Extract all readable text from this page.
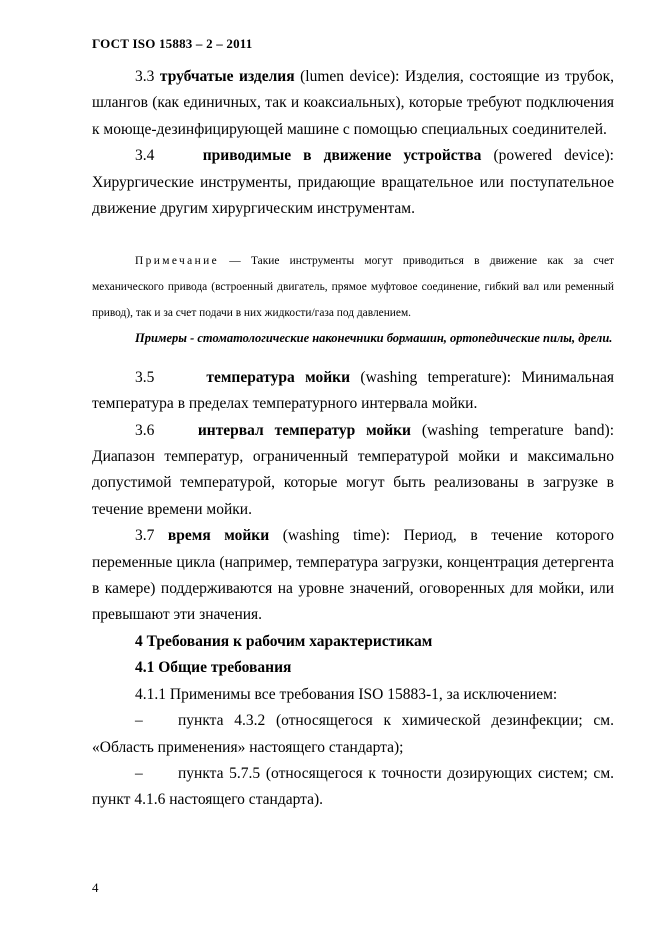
ГОСТ ISO 15883 – 2 – 2011

3.3 трубчатые изделия (lumen device): Изделия, состоящие из трубок, шлангов (как единичных, так и коаксиальных), которые требуют подключения к моюще-дезинфицирующей машине с помощью специальных соединителей.

3.4	приводимые в движение устройства (powered device): Хирургические инструменты, придающие вращательное или поступательное движение другим хирургическим инструментам.

Примечание — Такие инструменты могут приводиться в движение как за счет механического привода (встроенный двигатель, прямое муфтовое соединение, гибкий вал или ременный привод), так и за счет подачи в них жидкости/газа под давлением.

Примеры - стоматологические наконечники бормашин, ортопедические пилы, дрели.

3.5	температура мойки (washing temperature): Минимальная температура в пределах температурного интервала мойки.

3.6	интервал температур мойки (washing temperature band): Диапазон температур, ограниченный температурой мойки и максимально допустимой температурой, которые могут быть реализованы в загрузке в течение времени мойки.

3.7 время мойки (washing time): Период, в течение которого переменные цикла (например, температура загрузки, концентрация детергента в камере) поддерживаются на уровне значений, оговоренных для мойки, или превышают эти значения.

4 Требования к рабочим характеристикам

4.1 Общие требования

4.1.1 Применимы все требования ISO 15883-1, за исключением:

– пункта 4.3.2 (относящегося к химической дезинфекции; см. «Область применения» настоящего стандарта);

– пункта 5.7.5 (относящегося к точности дозирующих систем; см. пункт 4.1.6 настоящего стандарта).

4
